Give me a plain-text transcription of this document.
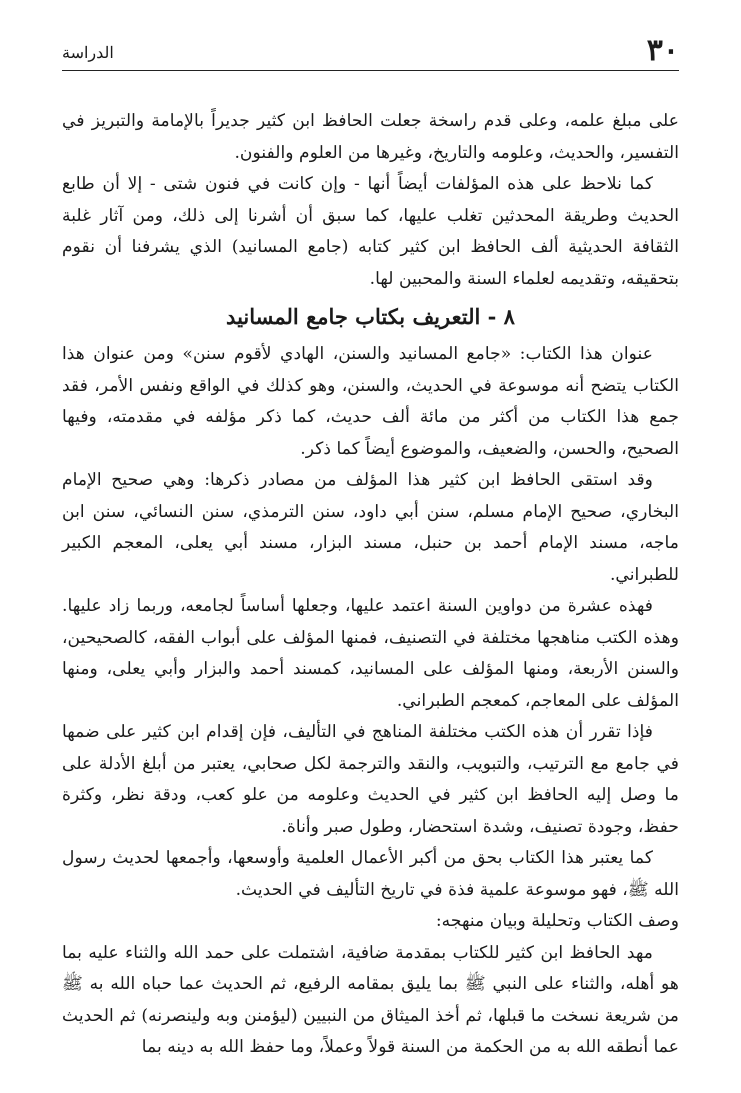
٣٠
الدراسة

على مبلغ علمه، وعلى قدم راسخة جعلت الحافظ ابن كثير جديراً بالإمامة والتبريز في التفسير، والحديث، وعلومه والتاريخ، وغيرها من العلوم والفنون.

كما نلاحظ على هذه المؤلفات أيضاً أنها - وإن كانت في فنون شتى - إلا أن طابع الحديث وطريقة المحدثين تغلب عليها، كما سبق أن أشرنا إلى ذلك، ومن آثار غلبة الثقافة الحديثية ألف الحافظ ابن كثير كتابه (جامع المسانيد) الذي يشرفنا أن نقوم بتحقيقه، وتقديمه لعلماء السنة والمحبين لها.

٨ - التعريف بكتاب جامع المسانيد

عنوان هذا الكتاب: «جامع المسانيد والسنن، الهادي لأقوم سنن» ومن عنوان هذا الكتاب يتضح أنه موسوعة في الحديث، والسنن، وهو كذلك في الواقع ونفس الأمر، فقد جمع هذا الكتاب من أكثر من مائة ألف حديث، كما ذكر مؤلفه في مقدمته، وفيها الصحيح، والحسن، والضعيف، والموضوع أيضاً كما ذكر.

وقد استقى الحافظ ابن كثير هذا المؤلف من مصادر ذكرها: وهي صحيح الإمام البخاري، صحيح الإمام مسلم، سنن أبي داود، سنن الترمذي، سنن النسائي، سنن ابن ماجه، مسند الإمام أحمد بن حنبل، مسند البزار، مسند أبي يعلى، المعجم الكبير للطبراني.

فهذه عشرة من دواوين السنة اعتمد عليها، وجعلها أساساً لجامعه، وربما زاد عليها. وهذه الكتب مناهجها مختلفة في التصنيف، فمنها المؤلف على أبواب الفقه، كالصحيحين، والسنن الأربعة، ومنها المؤلف على المسانيد، كمسند أحمد والبزار وأبي يعلى، ومنها المؤلف على المعاجم، كمعجم الطبراني.

فإذا تقرر أن هذه الكتب مختلفة المناهج في التأليف، فإن إقدام ابن كثير على ضمها في جامع مع الترتيب، والتبويب، والنقد والترجمة لكل صحابي، يعتبر من أبلغ الأدلة على ما وصل إليه الحافظ ابن كثير في الحديث وعلومه من علو كعب، ودقة نظر، وكثرة حفظ، وجودة تصنيف، وشدة استحضار، وطول صبر وأناة.

كما يعتبر هذا الكتاب بحق من أكبر الأعمال العلمية وأوسعها، وأجمعها لحديث رسول الله ﷺ، فهو موسوعة علمية فذة في تاريخ التأليف في الحديث.

وصف الكتاب وتحليلة وبيان منهجه:

مهد الحافظ ابن كثير للكتاب بمقدمة ضافية، اشتملت على حمد الله والثناء عليه بما هو أهله، والثناء على النبي ﷺ بما يليق بمقامه الرفيع، ثم الحديث عما حباه الله به ﷺ من شريعة نسخت ما قبلها، ثم أخذ الميثاق من النبيين (ليؤمنن وبه ولينصرنه) ثم الحديث عما أنطقه الله به من الحكمة من السنة قولاً وعملاً، وما حفظ الله به دينه بما
